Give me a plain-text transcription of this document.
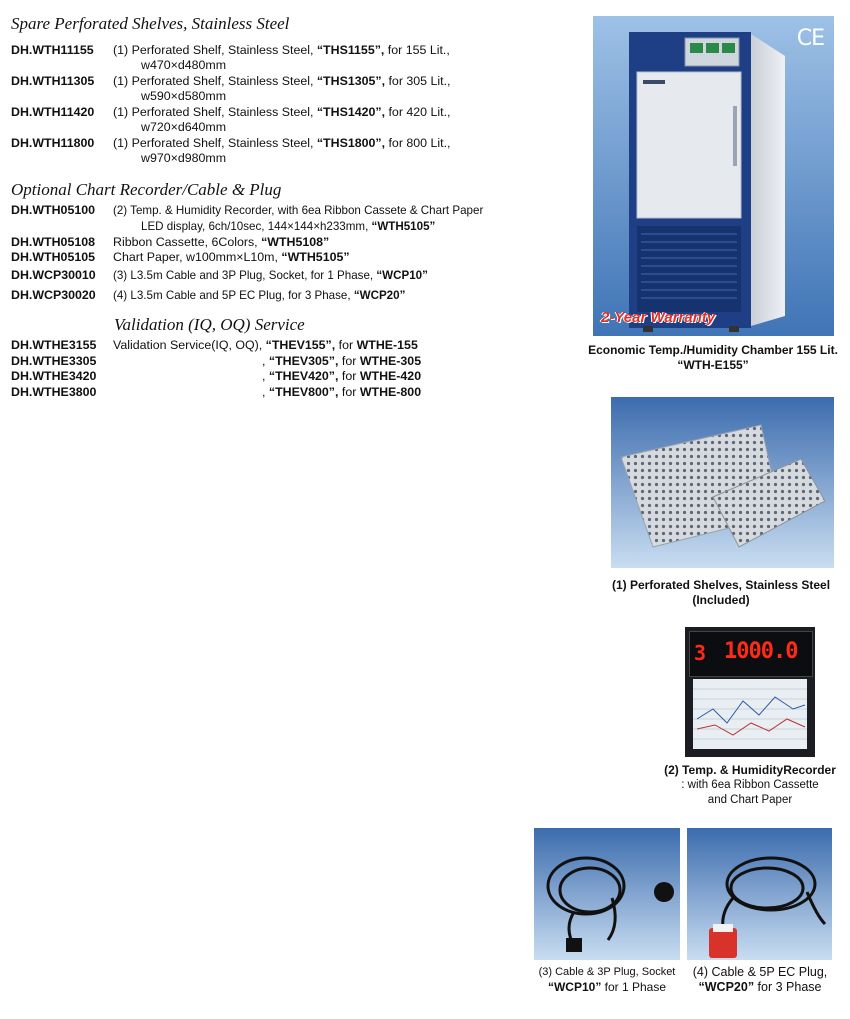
Spare Perforated Shelves, Stainless Steel
DH.WTH11155 (1) Perforated Shelf, Stainless Steel, “THS1155”, for 155 Lit.,
w470×d480mm
DH.WTH11305 (1) Perforated Shelf, Stainless Steel, “THS1305”, for 305 Lit.,
w590×d580mm
DH.WTH11420 (1) Perforated Shelf, Stainless Steel, “THS1420”, for 420 Lit.,
w720×d640mm
DH.WTH11800 (1) Perforated Shelf, Stainless Steel, “THS1800”, for 800 Lit.,
w970×d980mm
Optional Chart Recorder/Cable & Plug
DH.WTH05100 (2) Temp. & Humidity Recorder, with 6ea Ribbon Cassete & Chart Paper
LED display, 6ch/10sec, 144×144×h233mm, “WTH5105”
DH.WTH05108 Ribbon Cassette, 6Colors, “WTH5108”
DH.WTH05105 Chart Paper, w100mm×L10m, “WTH5105”
DH.WCP30010 (3) L3.5m Cable and 3P Plug, Socket, for 1 Phase, “WCP10”
DH.WCP30020 (4) L3.5m Cable and 5P EC Plug, for 3 Phase, “WCP20”
Validation (IQ, OQ) Service
DH.WTHE3155 Validation Service(IQ, OQ), “THEV155”, for WTHE-155
DH.WTHE3305	, “THEV305”, for WTHE-305
DH.WTHE3420	, “THEV420”, for WTHE-420
DH.WTHE3800	, “THEV800”, for WTHE-800
CE
2-Year Warranty
Economic Temp./Humidity Chamber 155 Lit.
“WTH-E155”
(1) Perforated Shelves, Stainless Steel
(Included)
3 1000.0
(2) Temp. & HumidityRecorder
: with 6ea Ribbon Cassette
and Chart Paper
(3) Cable & 3P Plug, Socket
“WCP10” for 1 Phase
(4) Cable & 5P EC Plug,
“WCP20” for 3 Phase
